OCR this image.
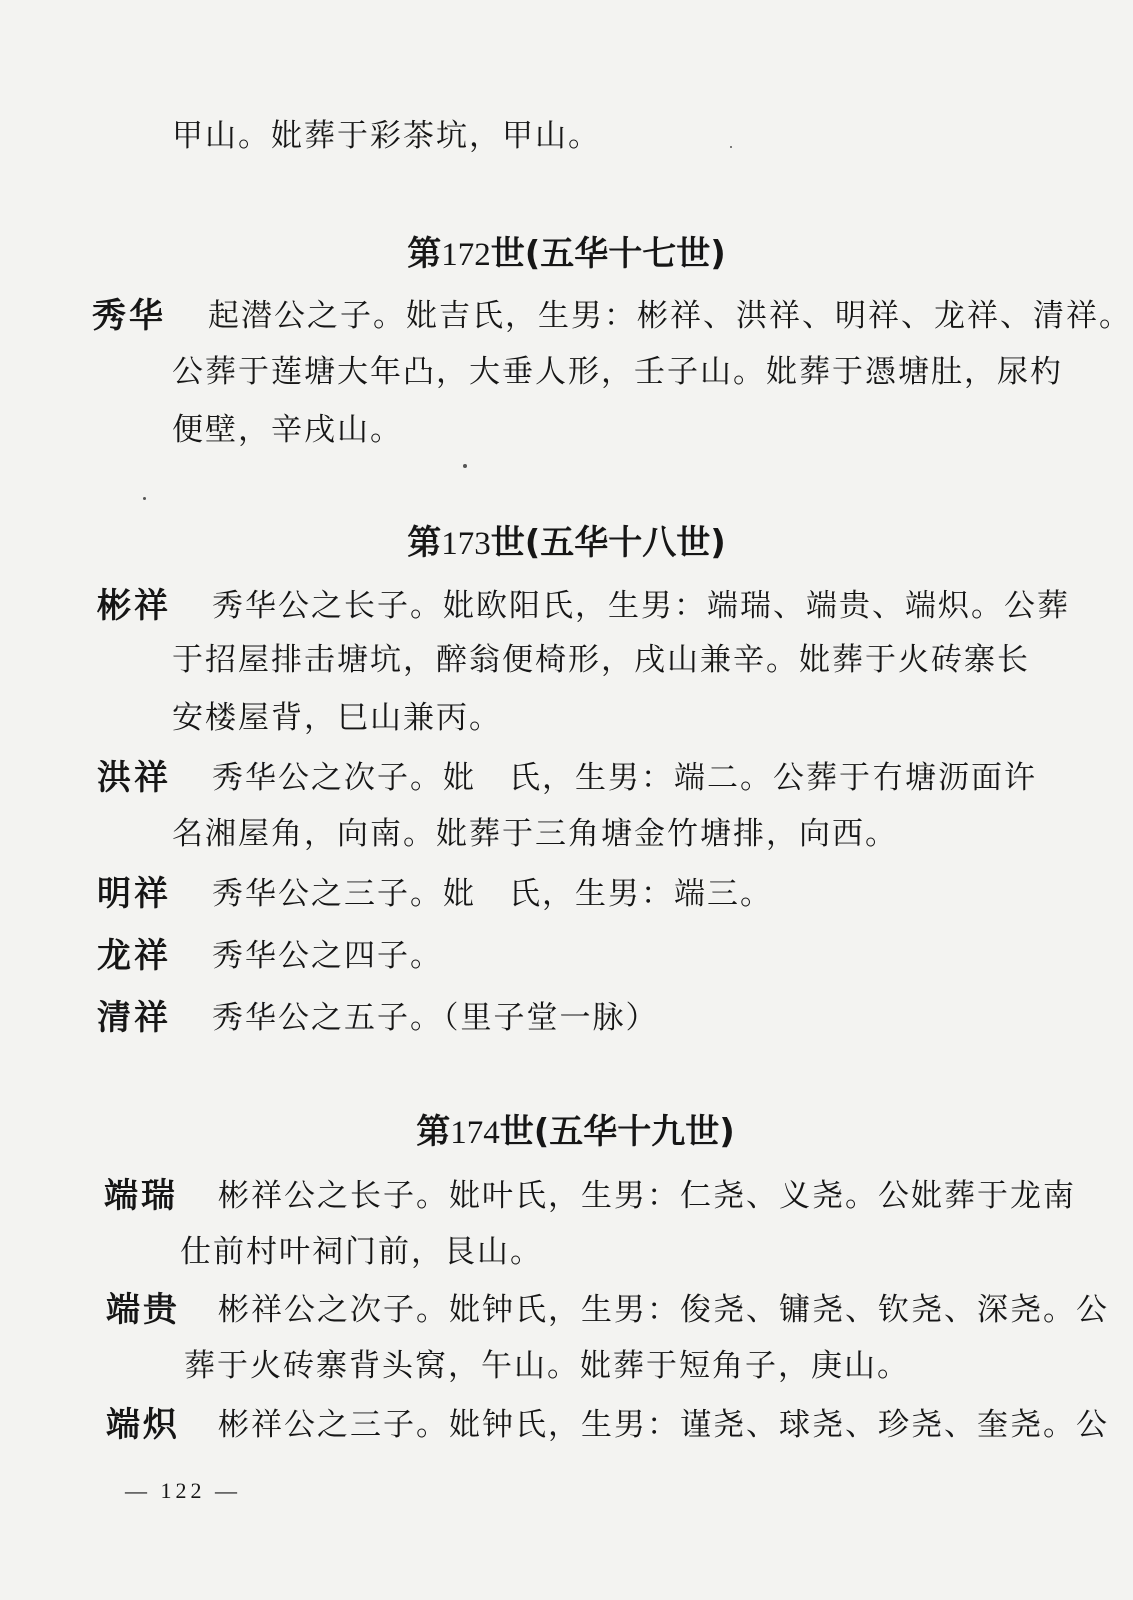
甲山。妣葬于彩茶坑，甲山。
第172世(五华十七世)
秀华 起潜公之子。妣吉氏，生男：彬祥、洪祥、明祥、龙祥、清祥。
公葬于莲塘大年凸，大垂人形，壬子山。妣葬于憑塘肚，尿杓
便壁，辛戌山。
第173世(五华十八世)
彬祥 秀华公之长子。妣欧阳氏，生男：端瑞、端贵、端炽。公葬
于招屋排击塘坑，醉翁便椅形，戌山兼辛。妣葬于火砖寨长
安楼屋背，巳山兼丙。
洪祥 秀华公之次子。妣　氏，生男：端二。公葬于冇塘沥面许
名湘屋角，向南。妣葬于三角塘金竹塘排，向西。
明祥 秀华公之三子。妣　氏，生男：端三。
龙祥 秀华公之四子。
清祥 秀华公之五子。（里子堂一脉）
第174世(五华十九世)
端瑞 彬祥公之长子。妣叶氏，生男：仁尧、义尧。公妣葬于龙南
仕前村叶祠门前，艮山。
端贵 彬祥公之次子。妣钟氏，生男：俊尧、镛尧、钦尧、深尧。公
葬于火砖寨背头窝，午山。妣葬于短角子，庚山。
端炽 彬祥公之三子。妣钟氏，生男：谨尧、球尧、珍尧、奎尧。公
— 122 —
